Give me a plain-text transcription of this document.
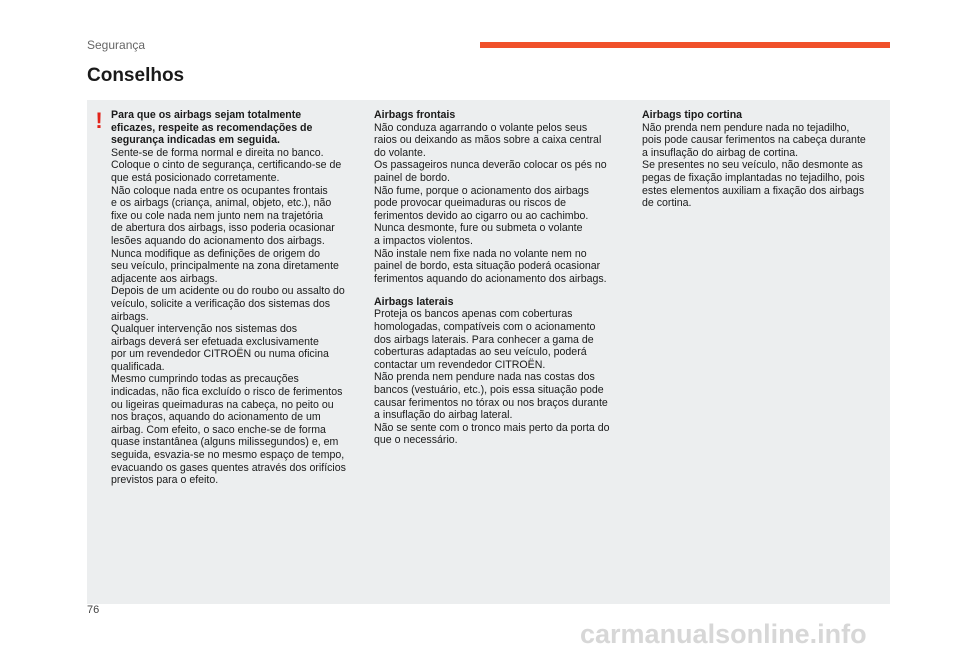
Segurança
Conselhos
! Para que os airbags sejam totalmente
eficazes, respeite as recomendações de
segurança indicadas em seguida.
Sente-se de forma normal e direita no banco.
Coloque o cinto de segurança, certificando-se de
que está posicionado corretamente.
Não coloque nada entre os ocupantes frontais
e os airbags (criança, animal, objeto, etc.), não
fixe ou cole nada nem junto nem na trajetória
de abertura dos airbags, isso poderia ocasionar
lesões aquando do acionamento dos airbags.
Nunca modifique as definições de origem do
seu veículo, principalmente na zona diretamente
adjacente aos airbags.
Depois de um acidente ou do roubo ou assalto do
veículo, solicite a verificação dos sistemas dos
airbags.
Qualquer intervenção nos sistemas dos
airbags deverá ser efetuada exclusivamente
por um revendedor CITROËN ou numa oficina
qualificada.
Mesmo cumprindo todas as precauções
indicadas, não fica excluído o risco de ferimentos
ou ligeiras queimaduras na cabeça, no peito ou
nos braços, aquando do acionamento de um
airbag. Com efeito, o saco enche-se de forma
quase instantânea (alguns milissegundos) e, em
seguida, esvazia-se no mesmo espaço de tempo,
evacuando os gases quentes através dos orifícios
previstos para o efeito.
Airbags frontais
Não conduza agarrando o volante pelos seus
raios ou deixando as mãos sobre a caixa central
do volante.
Os passageiros nunca deverão colocar os pés no
painel de bordo.
Não fume, porque o acionamento dos airbags
pode provocar queimaduras ou riscos de
ferimentos devido ao cigarro ou ao cachimbo.
Nunca desmonte, fure ou submeta o volante
a impactos violentos.
Não instale nem fixe nada no volante nem no
painel de bordo, esta situação poderá ocasionar
ferimentos aquando do acionamento dos airbags.
Airbags laterais
Proteja os bancos apenas com coberturas
homologadas, compatíveis com o acionamento
dos airbags laterais. Para conhecer a gama de
coberturas adaptadas ao seu veículo, poderá
contactar um revendedor CITROËN.
Não prenda nem pendure nada nas costas dos
bancos (vestuário, etc.), pois essa situação pode
causar ferimentos no tórax ou nos braços durante
a insuflação do airbag lateral.
Não se sente com o tronco mais perto da porta do
que o necessário.
Airbags tipo cortina
Não prenda nem pendure nada no tejadilho,
pois pode causar ferimentos na cabeça durante
a insuflação do airbag de cortina.
Se presentes no seu veículo, não desmonte as
pegas de fixação implantadas no tejadilho, pois
estes elementos auxiliam a fixação dos airbags
de cortina.
76
carmanualsonline.info
